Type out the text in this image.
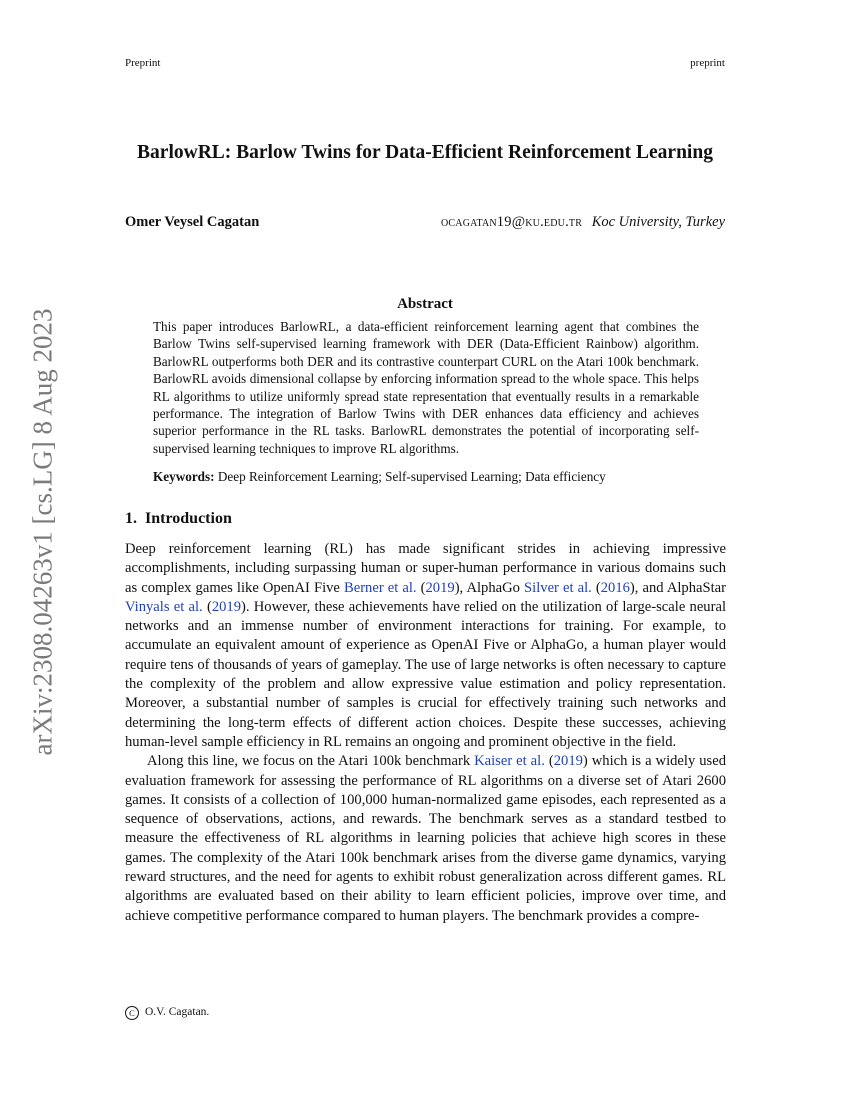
Preprint	preprint
arXiv:2308.04263v1 [cs.LG] 8 Aug 2023
BarlowRL: Barlow Twins for Data-Efficient Reinforcement Learning
Omer Veysel Cagatan	ocagatan19@ku.edu.tr Koc University, Turkey
Abstract
This paper introduces BarlowRL, a data-efficient reinforcement learning agent that combines the Barlow Twins self-supervised learning framework with DER (Data-Efficient Rainbow) algorithm. BarlowRL outperforms both DER and its contrastive counterpart CURL on the Atari 100k benchmark. BarlowRL avoids dimensional collapse by enforcing information spread to the whole space. This helps RL algorithms to utilize uniformly spread state representation that eventually results in a remarkable performance. The integration of Barlow Twins with DER enhances data efficiency and achieves superior performance in the RL tasks. BarlowRL demonstrates the potential of incorporating self-supervised learning techniques to improve RL algorithms.
Keywords: Deep Reinforcement Learning; Self-supervised Learning; Data efficiency
1. Introduction

Deep reinforcement learning (RL) has made significant strides in achieving impressive accomplishments, including surpassing human or super-human performance in various domains such as complex games like OpenAI Five Berner et al. (2019), AlphaGo Silver et al. (2016), and AlphaStar Vinyals et al. (2019). However, these achievements have relied on the utilization of large-scale neural networks and an immense number of environment interactions for training. For example, to accumulate an equivalent amount of experience as OpenAI Five or AlphaGo, a human player would require tens of thousands of years of gameplay. The use of large networks is often necessary to capture the complexity of the problem and allow expressive value estimation and policy representation. Moreover, a substantial number of samples is crucial for effectively training such networks and determining the long-term effects of different action choices. Despite these successes, achieving human-level sample efficiency in RL remains an ongoing and prominent objective in the field.

Along this line, we focus on the Atari 100k benchmark Kaiser et al. (2019) which is a widely used evaluation framework for assessing the performance of RL algorithms on a diverse set of Atari 2600 games. It consists of a collection of 100,000 human-normalized game episodes, each represented as a sequence of observations, actions, and rewards. The benchmark serves as a standard testbed to measure the effectiveness of RL algorithms in learning policies that achieve high scores in these games. The complexity of the Atari 100k benchmark arises from the diverse game dynamics, varying reward structures, and the need for agents to exhibit robust generalization across different games. RL algorithms are evaluated based on their ability to learn efficient policies, improve over time, and achieve competitive performance compared to human players. The benchmark provides a compre-

C O.V. Cagatan.
